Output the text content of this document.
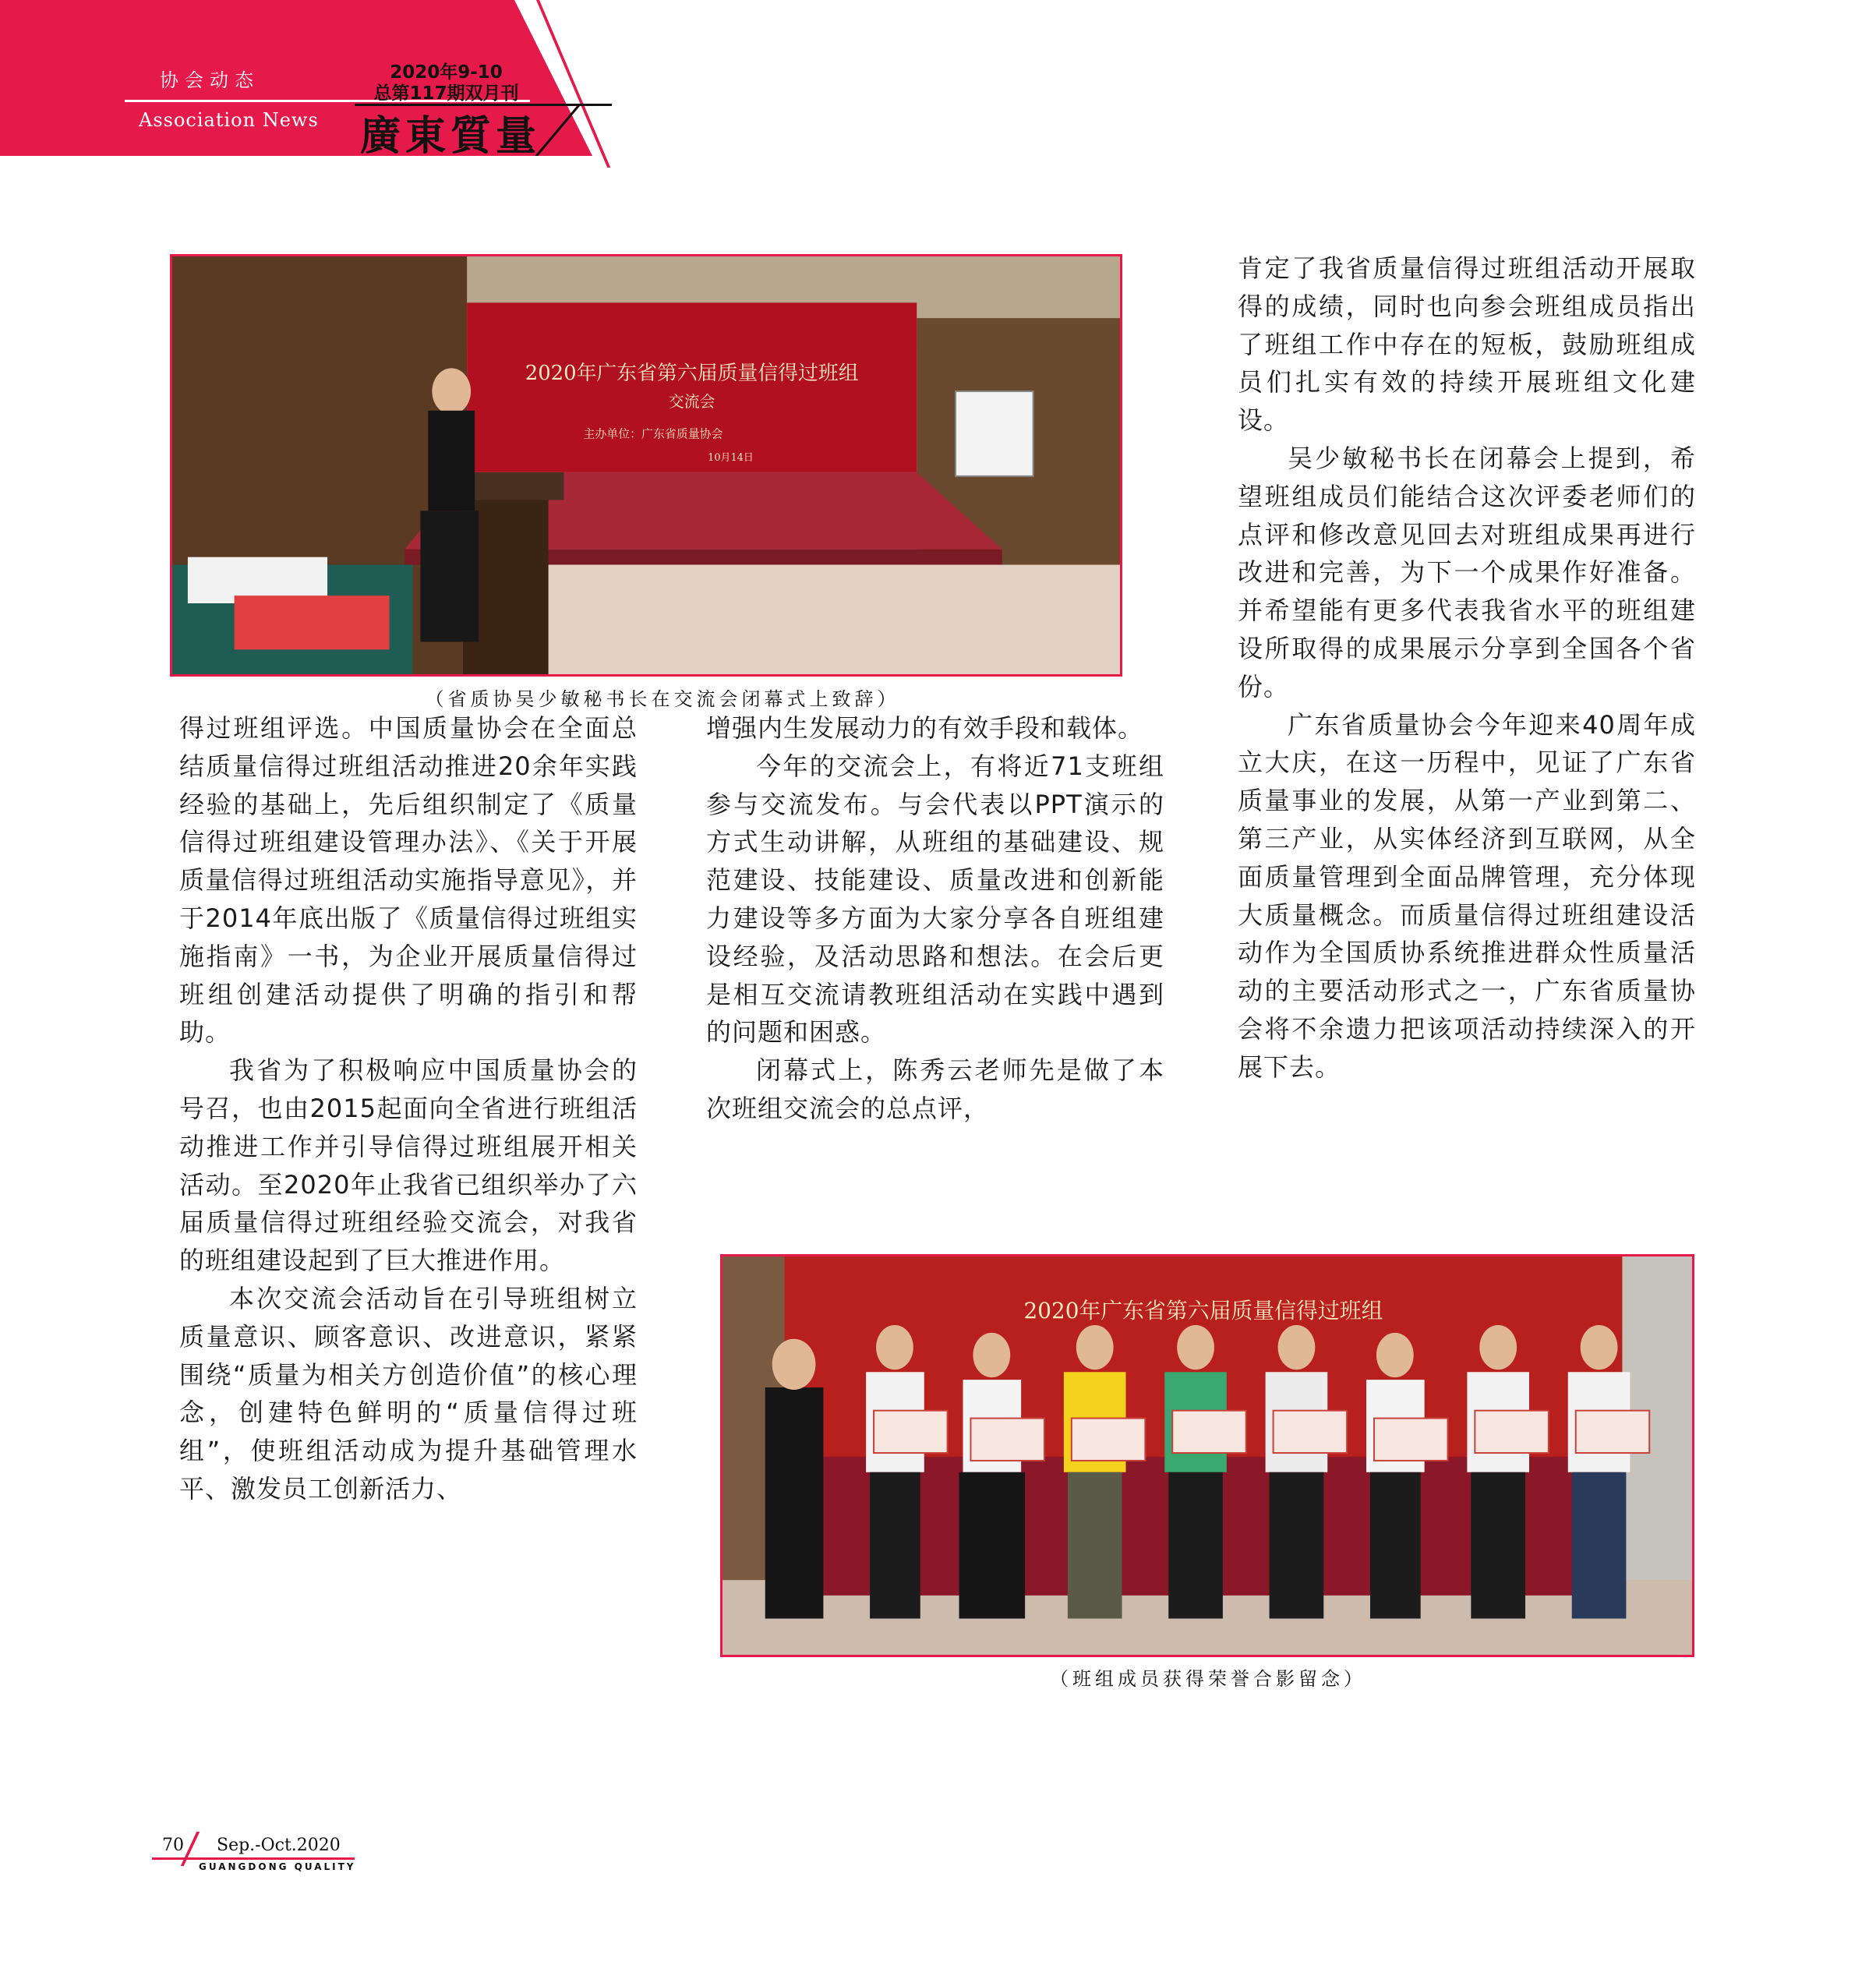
协会动态
Association News
2020年9-10
总第117期双月刊
廣東質量
2020年广东省第六届质量信得过班组
交流会
主办单位：广东省质量协会
10月14日
（省质协吴少敏秘书长在交流会闭幕式上致辞）

得过班组评选。中国质量协会在全面总结质量信得过班组活动推进20余年实践经验的基础上，先后组织制定了《质量信得过班组建设管理办法》、《关于开展质量信得过班组活动实施指导意见》，并于2014年底出版了《质量信得过班组实施指南》一书，为企业开展质量信得过班组创建活动提供了明确的指引和帮助。

我省为了积极响应中国质量协会的号召，也由2015起面向全省进行班组活动推进工作并引导信得过班组展开相关活动。至2020年止我省已组织举办了六届质量信得过班组经验交流会，对我省的班组建设起到了巨大推进作用。

本次交流会活动旨在引导班组树立质量意识、顾客意识、改进意识，紧紧围绕“质量为相关方创造价值”的核心理念，创建特色鲜明的“质量信得过班组”，使班组活动成为提升基础管理水平、激发员工创新活力、

增强内生发展动力的有效手段和载体。

今年的交流会上，有将近71支班组参与交流发布。与会代表以PPT演示的方式生动讲解，从班组的基础建设、规范建设、技能建设、质量改进和创新能力建设等多方面为大家分享各自班组建设经验，及活动思路和想法。在会后更是相互交流请教班组活动在实践中遇到的问题和困惑。

闭幕式上，陈秀云老师先是做了本次班组交流会的总点评，

肯定了我省质量信得过班组活动开展取得的成绩，同时也向参会班组成员指出了班组工作中存在的短板，鼓励班组成员们扎实有效的持续开展班组文化建设。

吴少敏秘书长在闭幕会上提到，希望班组成员们能结合这次评委老师们的点评和修改意见回去对班组成果再进行改进和完善，为下一个成果作好准备。并希望能有更多代表我省水平的班组建设所取得的成果展示分享到全国各个省份。

广东省质量协会今年迎来40周年成立大庆，在这一历程中，见证了广东省质量事业的发展，从第一产业到第二、第三产业，从实体经济到互联网，从全面质量管理到全面品牌管理，充分体现大质量概念。而质量信得过班组建设活动作为全国质协系统推进群众性质量活动的主要活动形式之一，广东省质量协会将不余遗力把该项活动持续深入的开展下去。

2020年广东省第六届质量信得过班组
（班组成员获得荣誉合影留念）
70 Sep.-Oct.2020
GUANGDONG QUALITY
